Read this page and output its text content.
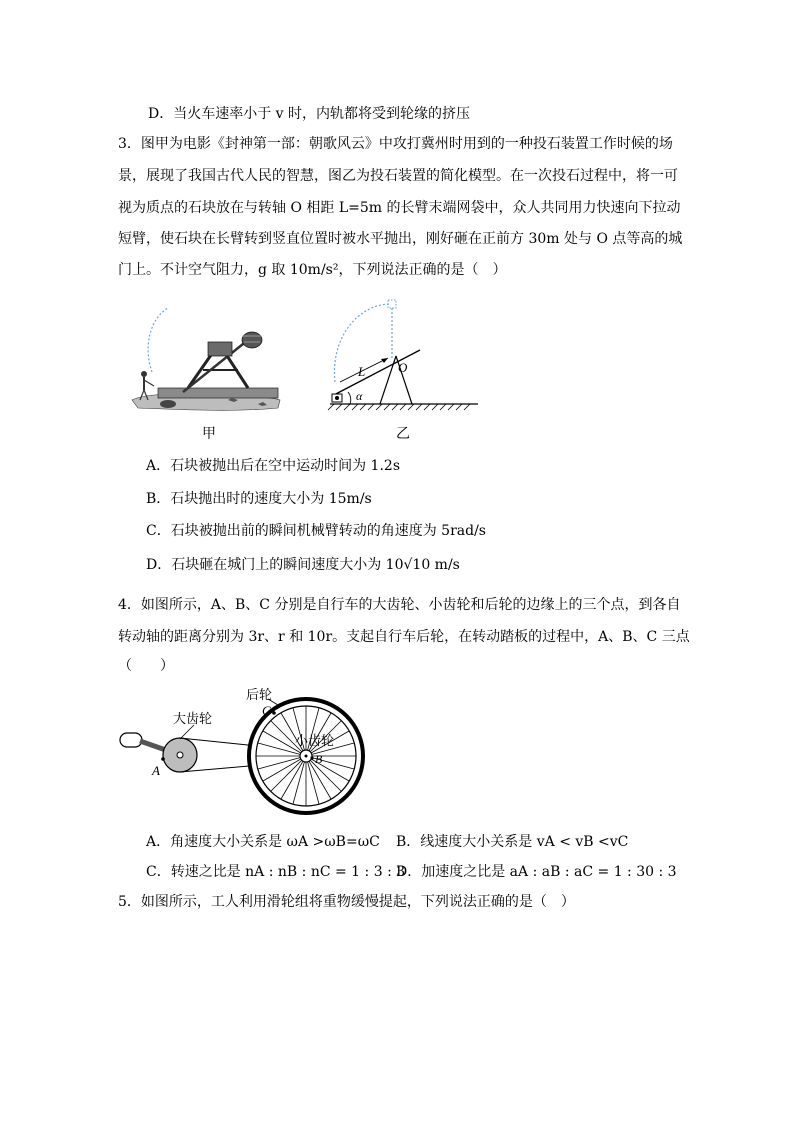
D．当火车速率小于 v 时，内轨都将受到轮缘的挤压
3．图甲为电影《封神第一部：朝歌风云》中攻打冀州时用到的一种投石装置工作时候的场
景，展现了我国古代人民的智慧，图乙为投石装置的简化模型。在一次投石过程中，将一可
视为质点的石块放在与转轴 O 相距 L=5m 的长臂末端网袋中，众人共同用力快速向下拉动
短臂，使石块在长臂转到竖直位置时被水平抛出，刚好砸在正前方 30m 处与 O 点等高的城
门上。不计空气阻力，g 取 10m/s²，下列说法正确的是（　）
甲
L	O
α
乙
A．石块被抛出后在空中运动时间为 1.2s
B．石块抛出时的速度大小为 15m/s
C．石块被抛出前的瞬间机械臂转动的角速度为 5rad/s
D．石块砸在城门上的瞬间速度大小为 10√10 m/s
4．如图所示，A、B、C 分别是自行车的大齿轮、小齿轮和后轮的边缘上的三个点，到各自
转动轴的距离分别为 3r、r 和 10r。支起自行车后轮，在转动踏板的过程中，A、B、C 三点
（　　）
后轮
大齿轮
小齿轮
A
B
C
A．角速度大小关系是 ωA >ωB=ωC B．线速度大小关系是 vA < vB <vC
C．转速之比是 nA : nB : nC = 1 : 3 : 3
D．加速度之比是 aA : aB : aC = 1 : 30 : 3
5．如图所示，工人利用滑轮组将重物缓慢提起，下列说法正确的是（　）
